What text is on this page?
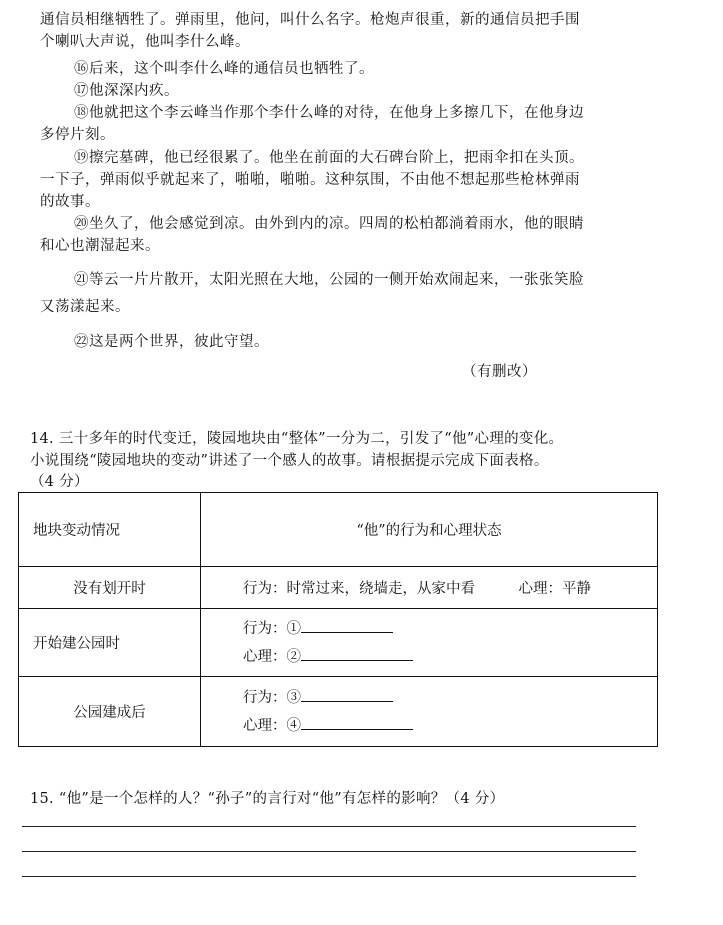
通信员相继牺牲了。弹雨里，他问，叫什么名字。枪炮声很重，新的通信员把手围
个喇叭大声说，他叫李什么峰。
⑯后来，这个叫李什么峰的通信员也牺牲了。
⑰他深深内疚。
⑱他就把这个李云峰当作那个李什么峰的对待，在他身上多擦几下，在他身边
多停片刻。
⑲擦完墓碑，他已经很累了。他坐在前面的大石碑台阶上，把雨伞扣在头顶。
一下子，弹雨似乎就起来了，啪啪，啪啪。这种氛围，不由他不想起那些枪林弹雨
的故事。
⑳坐久了，他会感觉到凉。由外到内的凉。四周的松柏都淌着雨水，他的眼睛
和心也潮湿起来。
㉑等云一片片散开，太阳光照在大地，公园的一侧开始欢闹起来，一张张笑脸
又荡漾起来。
㉒这是两个世界，彼此守望。
（有删改）
14. 三十多年的时代变迁，陵园地块由“整体”一分为二，引发了“他”心理的变化。
小说围绕“陵园地块的变动”讲述了一个感人的故事。请根据提示完成下面表格。
（4 分）
地块变动情况	“他”的行为和心理状态
没有划开时	行为：时常过来，绕墙走，从家中看　　　心理：平静

开始建公园时	行为：①
心理：②

公园建成后	行为：③
心理：④
15. “他”是一个怎样的人？“孙子”的言行对“他”有怎样的影响？（4 分）
